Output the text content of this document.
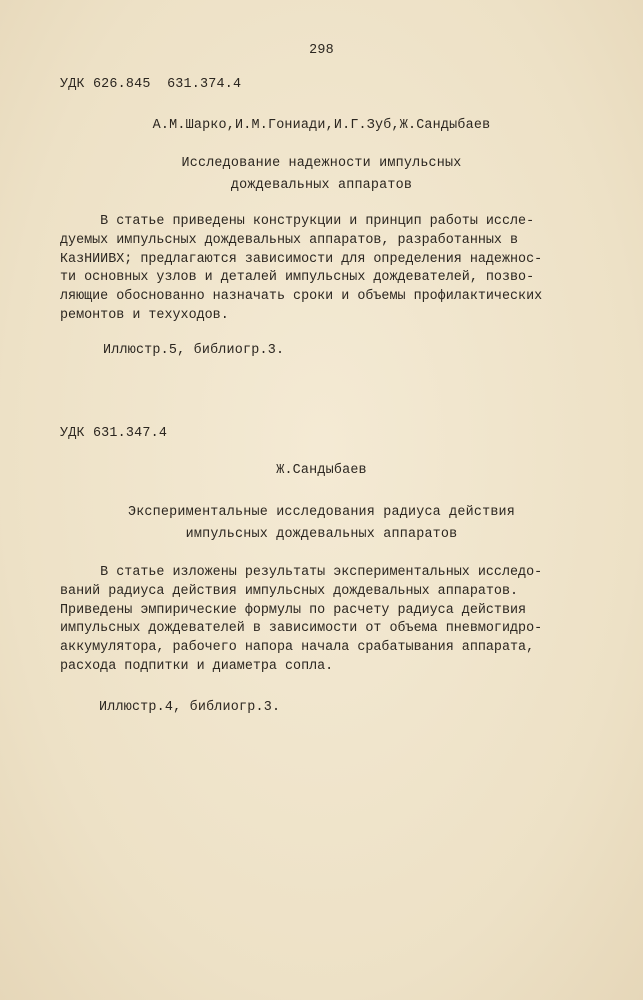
298
УДК 626.845  631.374.4
А.М.Шарко,И.М.Гониади,И.Г.Зуб,Ж.Сандыбаев
Исследование надежности импульсных
дождевальных аппаратов
В статье приведены конструкции и принцип работы иссле-
дуемых импульсных дождевальных аппаратов, разработанных в
КазНИИВХ; предлагаются зависимости для определения надежнос-
ти основных узлов и деталей импульсных дождевателей, позво-
ляющие обоснованно назначать сроки и объемы профилактических
ремонтов и техуходов.
Иллюстр.5, библиогр.3.
УДК 631.347.4
Ж.Сандыбаев
Экспериментальные исследования радиуса действия
импульсных дождевальных аппаратов
В статье изложены результаты экспериментальных исследо-
ваний радиуса действия импульсных дождевальных аппаратов.
Приведены эмпирические формулы по расчету радиуса действия
импульсных дождевателей в зависимости от объема пневмогидро-
аккумулятора, рабочего напора начала срабатывания аппарата,
расхода подпитки и диаметра сопла.
Иллюстр.4, библиогр.3.
